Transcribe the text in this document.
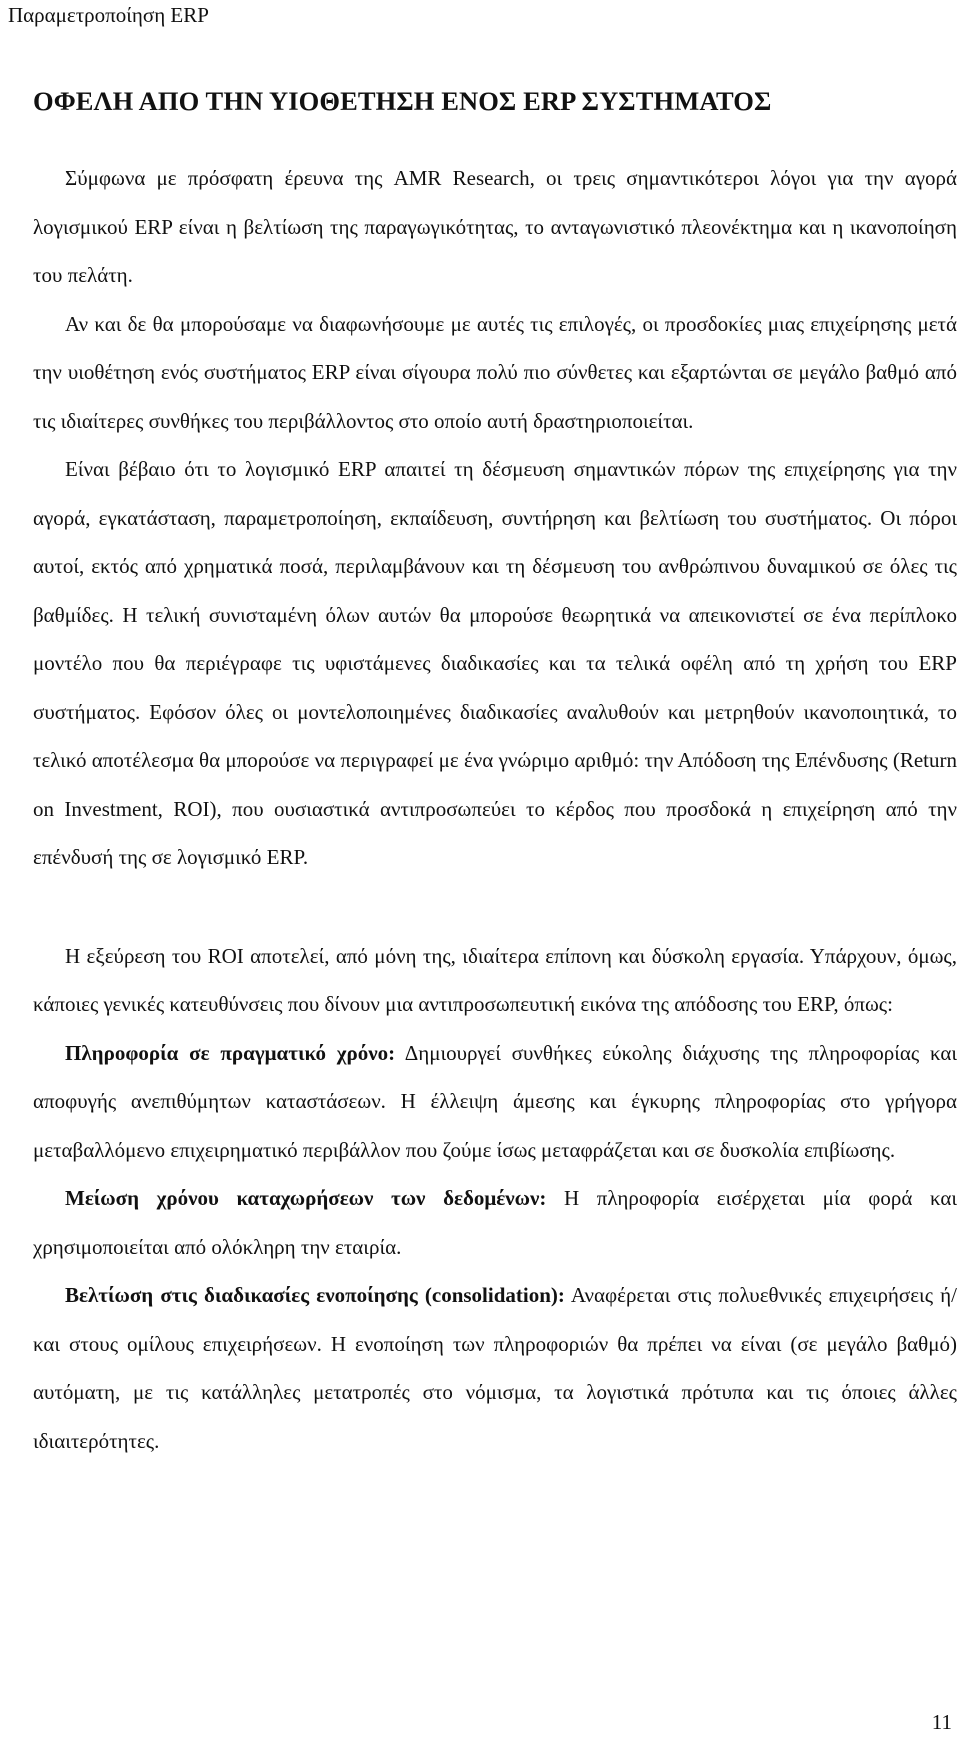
Παραμετροποίηση ERP
ΟΦΕΛΗ ΑΠΟ ΤΗΝ ΥΙΟΘΕΤΗΣΗ ΕΝΟΣ ERP ΣΥΣΤΗΜΑΤΟΣ

Σύμφωνα με πρόσφατη έρευνα της AMR Research, οι τρεις σημαντικότεροι λόγοι για την αγορά λογισμικού ERP είναι η βελτίωση της παραγωγικότητας, το ανταγωνιστικό πλεονέκτημα και η ικανοποίηση του πελάτη.

Αν και δε θα μπορούσαμε να διαφωνήσουμε με αυτές τις επιλογές, οι προσδοκίες μιας επιχείρησης μετά την υιοθέτηση ενός συστήματος ERP είναι σίγουρα πολύ πιο σύνθετες και εξαρτώνται σε μεγάλο βαθμό από τις ιδιαίτερες συνθήκες του περιβάλλοντος στο οποίο αυτή δραστηριοποιείται.

Είναι βέβαιο ότι το λογισμικό ERP απαιτεί τη δέσμευση σημαντικών πόρων της επιχείρησης για την αγορά, εγκατάσταση, παραμετροποίηση, εκπαίδευση, συντήρηση και βελτίωση του συστήματος. Οι πόροι αυτοί, εκτός από χρηματικά ποσά, περιλαμβάνουν και τη δέσμευση του ανθρώπινου δυναμικού σε όλες τις βαθμίδες. Η τελική συνισταμένη όλων αυτών θα μπορούσε θεωρητικά να απεικονιστεί σε ένα περίπλοκο μοντέλο που θα περιέγραφε τις υφιστάμενες διαδικασίες και τα τελικά οφέλη από τη χρήση του ERP συστήματος. Εφόσον όλες οι μοντελοποιημένες διαδικασίες αναλυθούν και μετρηθούν ικανοποιητικά, το τελικό αποτέλεσμα θα μπορούσε να περιγραφεί με ένα γνώριμο αριθμό: την Απόδοση της Επένδυσης (Return on Investment, ROI), που ουσιαστικά αντιπροσωπεύει το κέρδος που προσδοκά η επιχείρηση από την επένδυσή της σε λογισμικό ERP.

Η εξεύρεση του ROI αποτελεί, από μόνη της, ιδιαίτερα επίπονη και δύσκολη εργασία. Υπάρχουν, όμως, κάποιες γενικές κατευθύνσεις που δίνουν μια αντιπροσωπευτική εικόνα της απόδοσης του ERP, όπως:

Πληροφορία σε πραγματικό χρόνο: Δημιουργεί συνθήκες εύκολης διάχυσης της πληροφορίας και αποφυγής ανεπιθύμητων καταστάσεων. Η έλλειψη άμεσης και έγκυρης πληροφορίας στο γρήγορα μεταβαλλόμενο επιχειρηματικό περιβάλλον που ζούμε ίσως μεταφράζεται και σε δυσκολία επιβίωσης.

Μείωση χρόνου καταχωρήσεων των δεδομένων: Η πληροφορία εισέρχεται μία φορά και χρησιμοποιείται από ολόκληρη την εταιρία.

Βελτίωση στις διαδικασίες ενοποίησης (consolidation): Αναφέρεται στις πολυεθνικές επιχειρήσεις ή/και στους ομίλους επιχειρήσεων. Η ενοποίηση των πληροφοριών θα πρέπει να είναι (σε μεγάλο βαθμό) αυτόματη, με τις κατάλληλες μετατροπές στο νόμισμα, τα λογιστικά πρότυπα και τις όποιες άλλες ιδιαιτερότητες.

11
